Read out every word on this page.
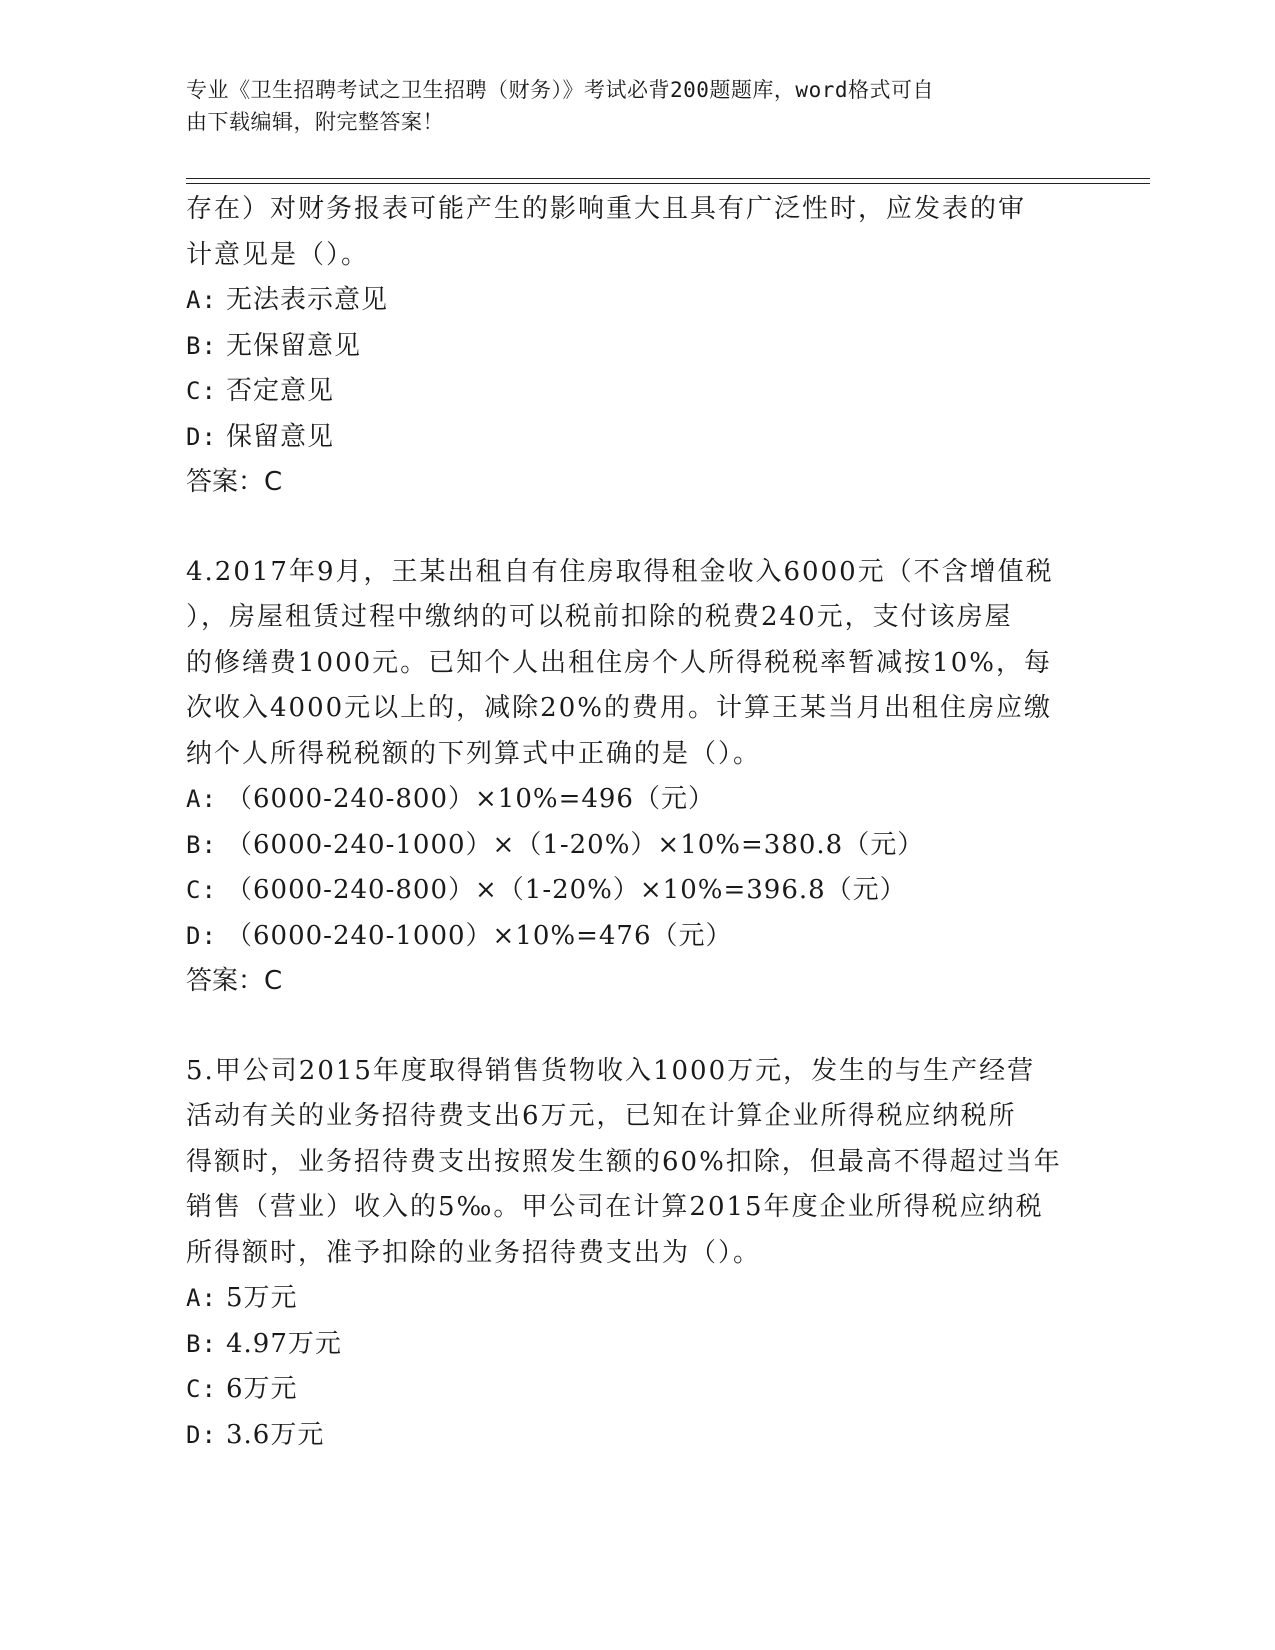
专业《卫生招聘考试之卫生招聘（财务）》考试必背200题题库，word格式可自
由下载编辑，附完整答案！
存在）对财务报表可能产生的影响重大且具有广泛性时，应发表的审
计意见是（）。
A: 无法表示意见
B: 无保留意见
C: 否定意见
D: 保留意见
答案：C
4.2017年9月，王某出租自有住房取得租金收入6000元（不含增值税
），房屋租赁过程中缴纳的可以税前扣除的税费240元，支付该房屋
的修缮费1000元。已知个人出租住房个人所得税税率暂减按10%，每
次收入4000元以上的，减除20%的费用。计算王某当月出租住房应缴
纳个人所得税税额的下列算式中正确的是（）。
A: （6000-240-800）×10%=496（元）
B: （6000-240-1000）×（1-20%）×10%=380.8（元）
C: （6000-240-800）×（1-20%）×10%=396.8（元）
D: （6000-240-1000）×10%=476（元）
答案：C
5.甲公司2015年度取得销售货物收入1000万元，发生的与生产经营
活动有关的业务招待费支出6万元，已知在计算企业所得税应纳税所
得额时，业务招待费支出按照发生额的60%扣除，但最高不得超过当年
销售（营业）收入的5‰。甲公司在计算2015年度企业所得税应纳税
所得额时，准予扣除的业务招待费支出为（）。
A: 5万元
B: 4.97万元
C: 6万元
D: 3.6万元
